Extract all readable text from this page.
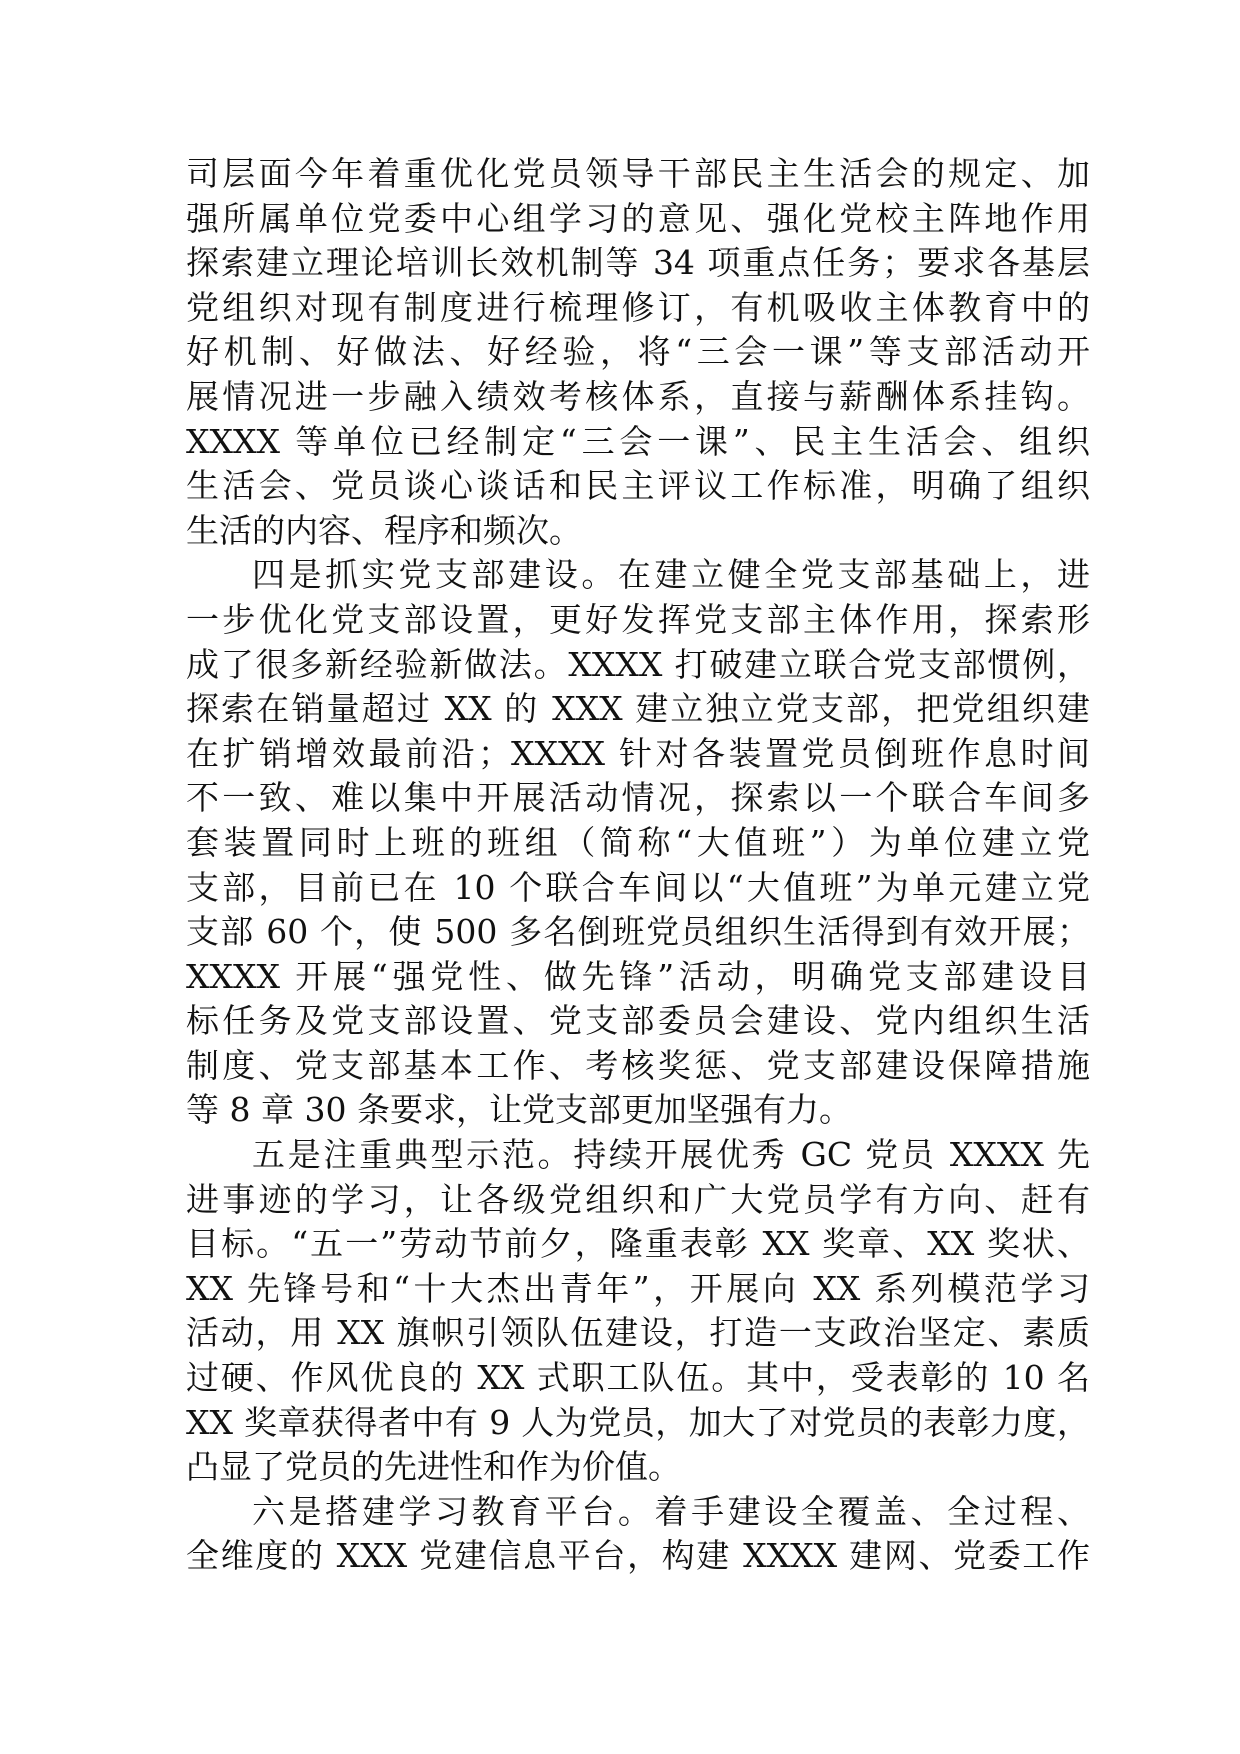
司层面今年着重优化党员领导干部民主生活会的规定、加
强所属单位党委中心组学习的意见、强化党校主阵地作用
探索建立理论培训长效机制等 34 项重点任务；要求各基层
党组织对现有制度进行梳理修订，有机吸收主体教育中的
好机制、好做法、好经验，将“三会一课”等支部活动开
展情况进一步融入绩效考核体系，直接与薪酬体系挂钩。
XXXX 等单位已经制定“三会一课”、民主生活会、组织
生活会、党员谈心谈话和民主评议工作标准，明确了组织
生活的内容、程序和频次。
四是抓实党支部建设。在建立健全党支部基础上，进
一步优化党支部设置，更好发挥党支部主体作用，探索形
成了很多新经验新做法。XXXX 打破建立联合党支部惯例，
探索在销量超过 XX 的 XXX 建立独立党支部，把党组织建
在扩销增效最前沿；XXXX 针对各装置党员倒班作息时间
不一致、难以集中开展活动情况，探索以一个联合车间多
套装置同时上班的班组（简称“大值班”）为单位建立党
支部，目前已在 10 个联合车间以“大值班”为单元建立党
支部 60 个，使 500 多名倒班党员组织生活得到有效开展；
XXXX 开展“强党性、做先锋”活动，明确党支部建设目
标任务及党支部设置、党支部委员会建设、党内组织生活
制度、党支部基本工作、考核奖惩、党支部建设保障措施
等 8 章 30 条要求，让党支部更加坚强有力。
五是注重典型示范。持续开展优秀 GC 党员 XXXX 先
进事迹的学习，让各级党组织和广大党员学有方向、赶有
目标。“五一”劳动节前夕，隆重表彰 XX 奖章、XX 奖状、
XX 先锋号和“十大杰出青年”，开展向 XX 系列模范学习
活动，用 XX 旗帜引领队伍建设，打造一支政治坚定、素质
过硬、作风优良的 XX 式职工队伍。其中，受表彰的 10 名
XX 奖章获得者中有 9 人为党员，加大了对党员的表彰力度，
凸显了党员的先进性和作为价值。
六是搭建学习教育平台。着手建设全覆盖、全过程、
全维度的 XXX 党建信息平台，构建 XXXX 建网、党委工作
